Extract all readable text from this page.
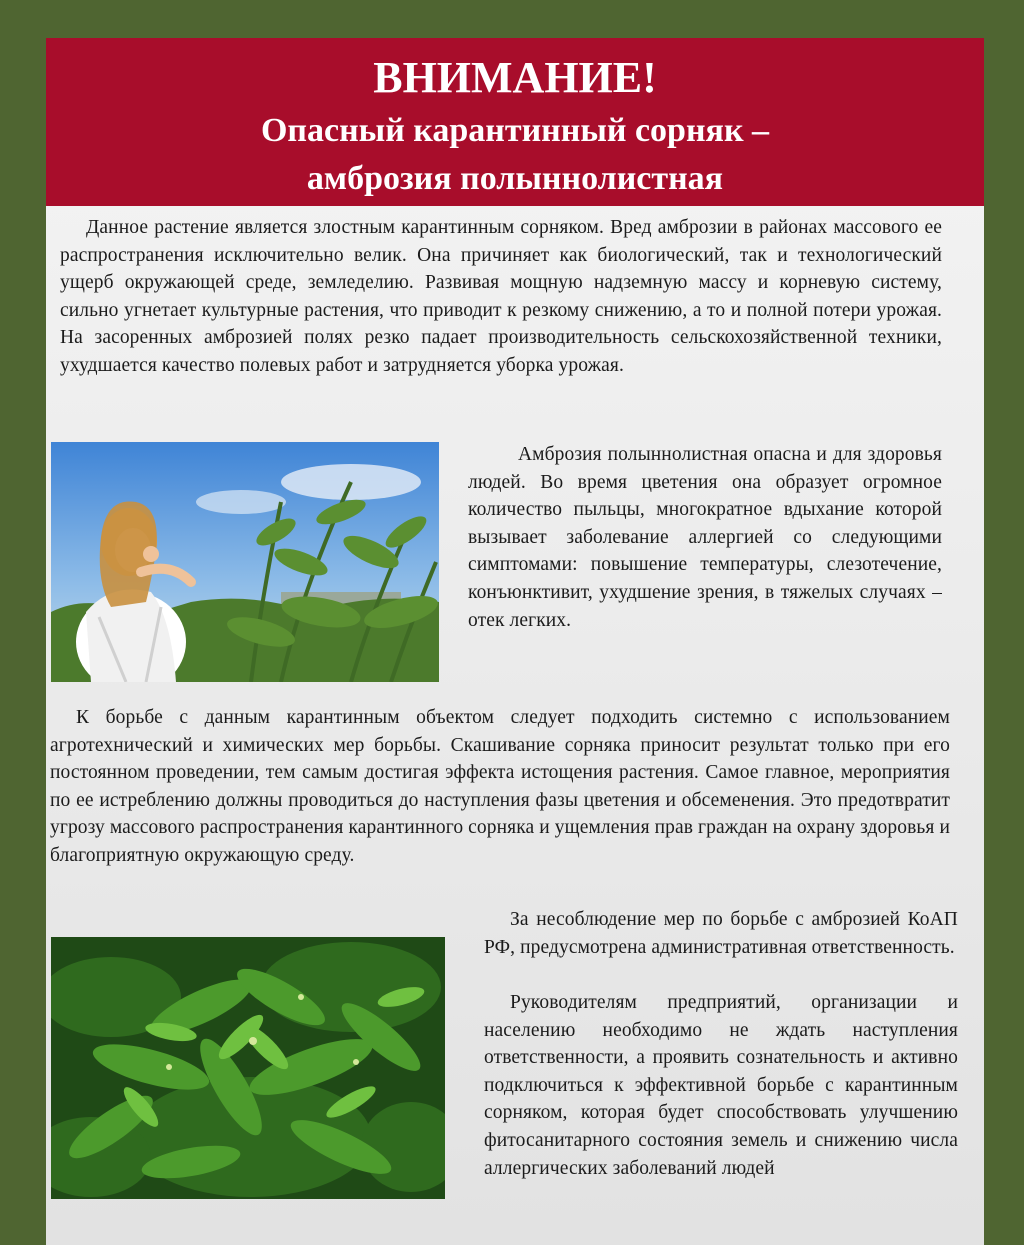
ВНИМАНИЕ!
Опасный карантинный сорняк –
амброзия полыннолистная

Данное растение является злостным карантинным сорняком. Вред амброзии в районах массового ее распространения исключительно велик. Она причиняет как биологический, так и технологический ущерб окружающей среде, земледелию. Развивая мощную надземную массу и корневую систему, сильно угнетает культурные растения, что приводит к резкому снижению, а то и полной потери урожая. На засоренных амброзией полях резко падает производительность сельскохозяйственной техники, ухудшается качество полевых работ и затрудняется уборка урожая.

Амброзия полыннолистная опасна и для здоровья людей. Во время цветения она образует огромное количество пыльцы, многократное вдыхание которой вызывает заболевание аллергией со следующими симптомами: повышение температуры, слезотечение, конъюнктивит, ухудшение зрения, в тяжелых случаях – отек легких.

К борьбе с данным карантинным объектом следует подходить системно с использованием агротехнический и химических мер борьбы. Скашивание сорняка приносит результат только при его постоянном проведении, тем самым достигая эффекта истощения растения. Самое главное, мероприятия по ее истреблению должны проводиться до наступления фазы цветения и обсеменения. Это предотвратит угрозу массового распространения карантинного сорняка и ущемления прав граждан на охрану здоровья и благоприятную окружающую среду.

За несоблюдение мер по борьбе с амброзией КоАП РФ, предусмотрена административная ответственность.

Руководителям предприятий, организации и населению необходимо не ждать наступления ответственности, а проявить сознательность и активно подключиться к эффективной борьбе с карантинным сорняком, которая будет способствовать улучшению фитосанитарного состояния земель и снижению числа аллергических заболеваний людей
